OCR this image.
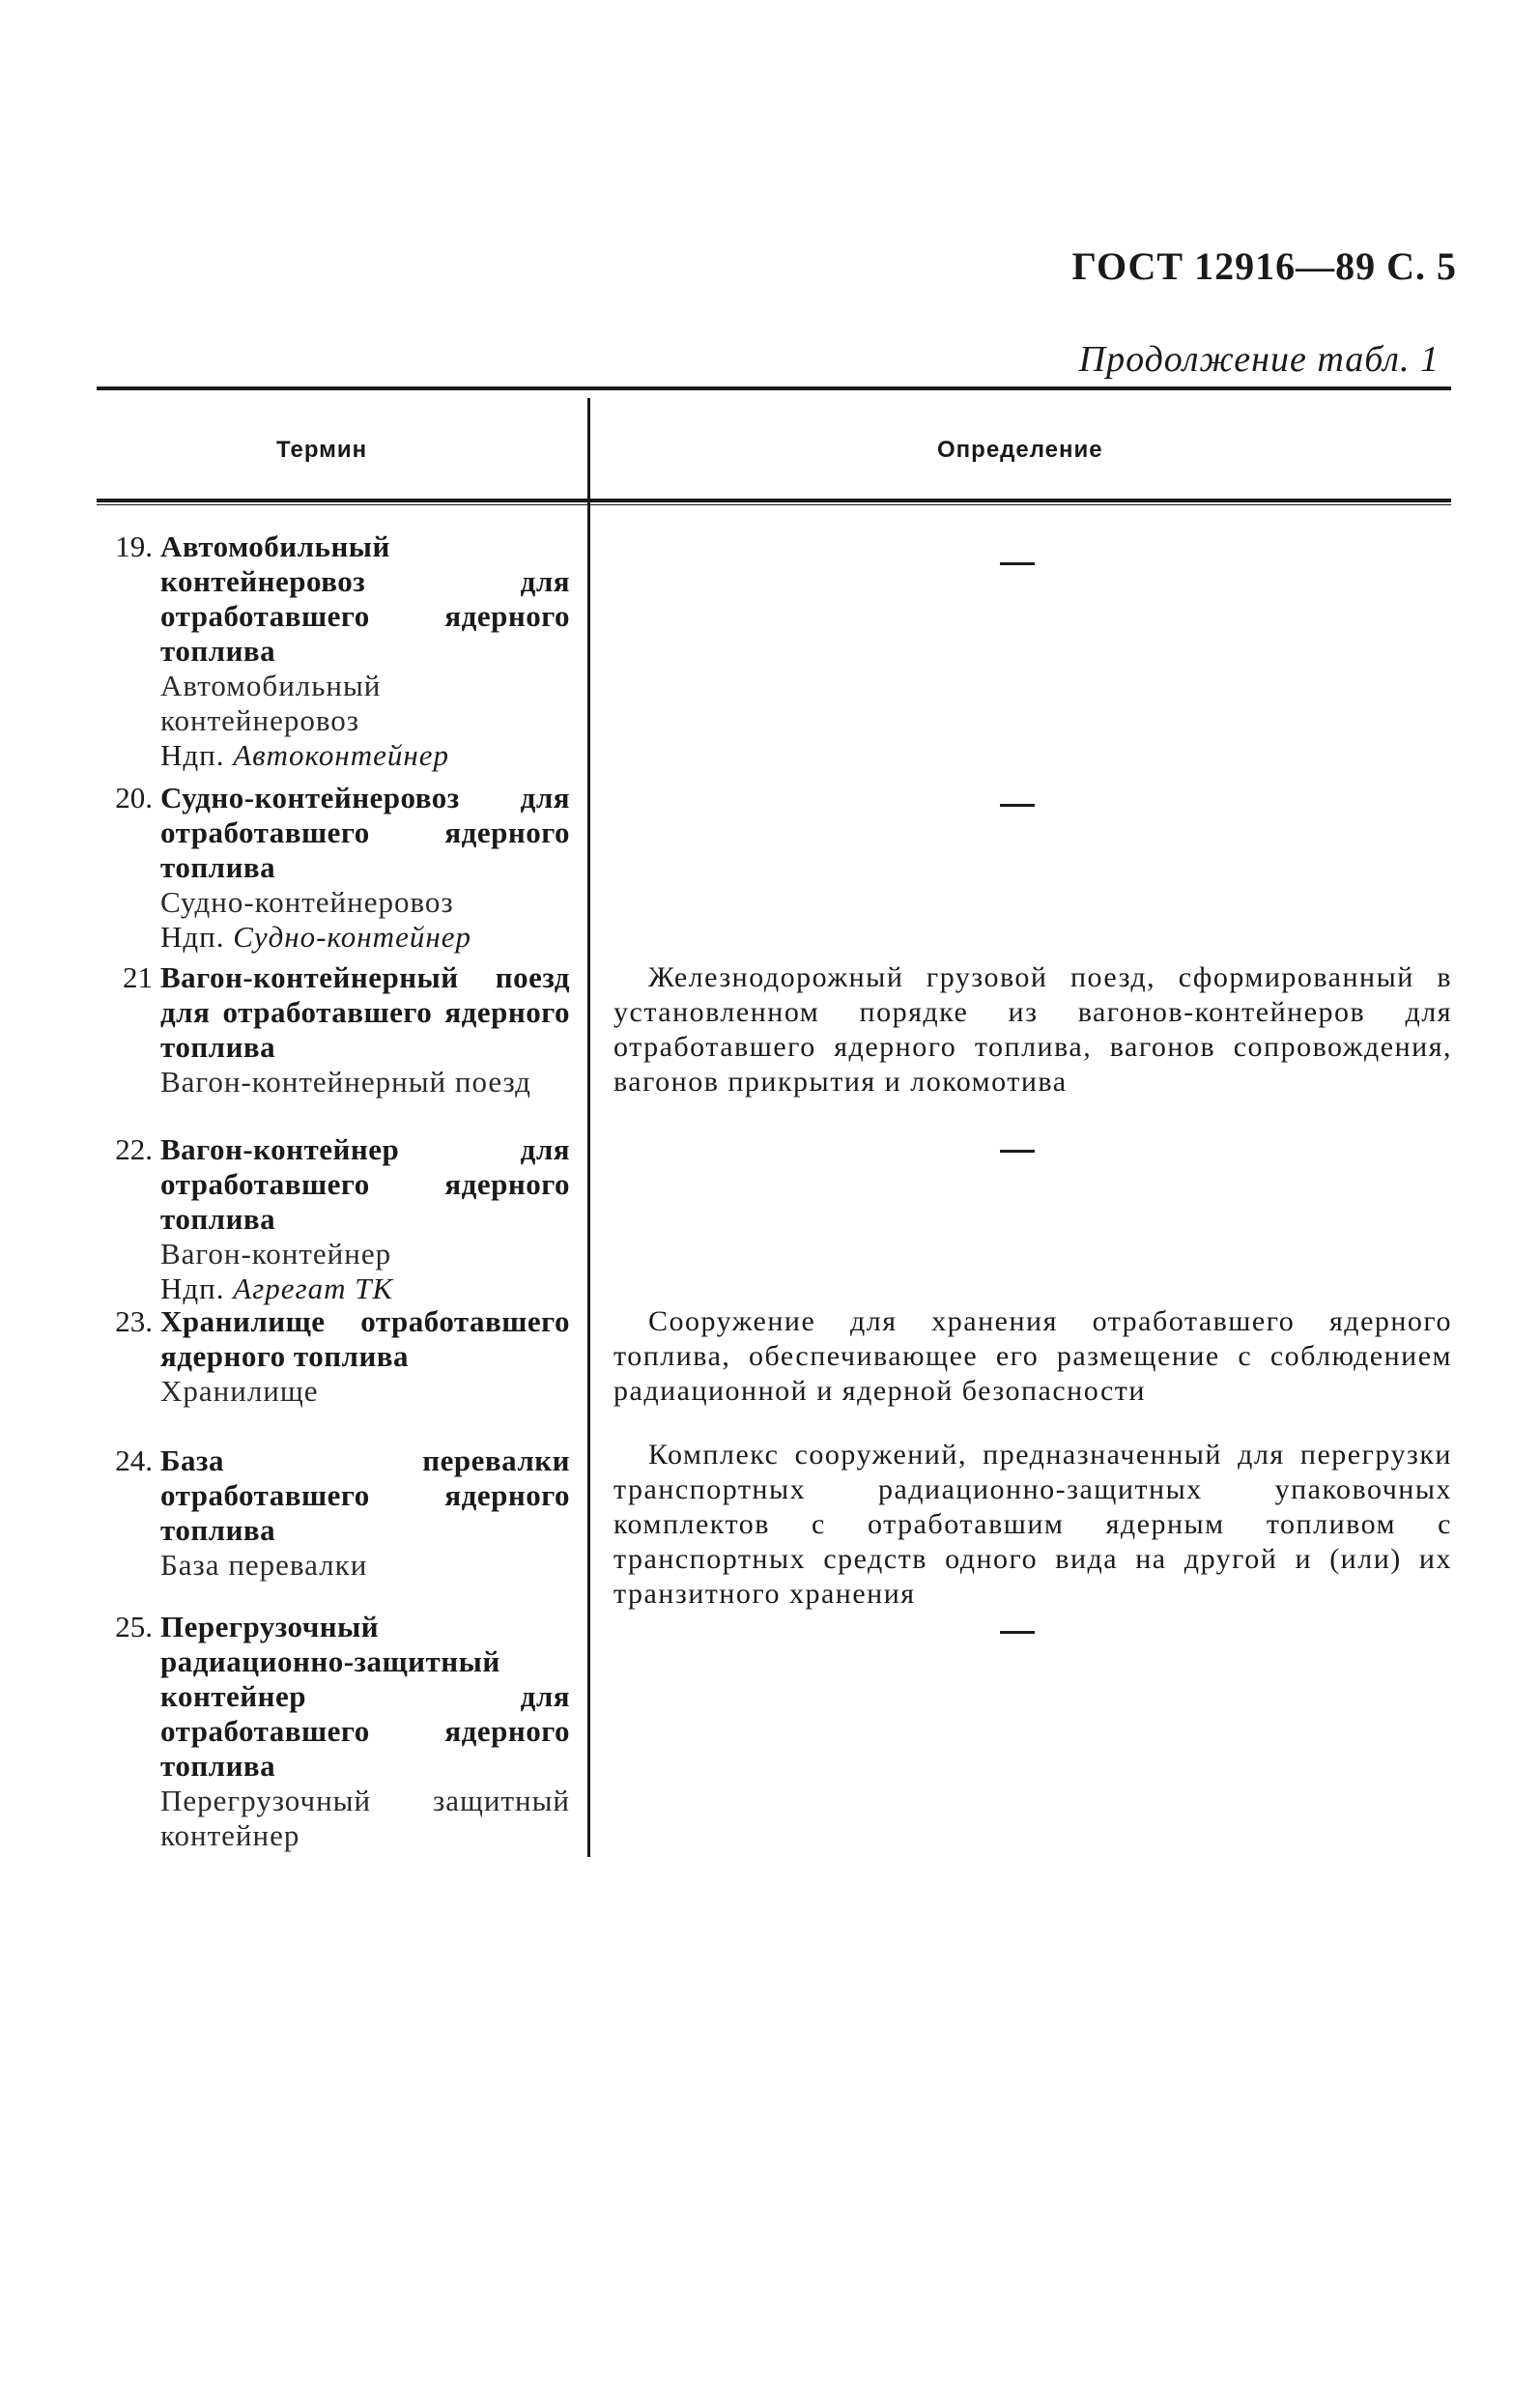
ГОСТ 12916—89 С. 5
Продолжение табл. 1
Термин	Определение
19. Автомобильный контейнеровоз для отработавшего ядерного топлива
Автомобильный контейнеровоз
Ндп. Автоконтейнер
20. Судно-контейнеровоз для отработавшего ядерного топлива
Судно-контейнеровоз
Ндп. Судно-контейнер
21 Вагон-контейнерный поезд для отработавшего ядерного топлива
Вагон-контейнерный поезд
Железнодорожный грузовой поезд, сформированный в установленном порядке из вагонов-контейнеров для отработавшего ядерного топлива, вагонов сопровождения, вагонов прикрытия и локомотива
22. Вагон-контейнер для отработавшего ядерного топлива
Вагон-контейнер
Ндп. Агрегат ТК
23. Хранилище отработавшего ядерного топлива
Хранилище
Сооружение для хранения отработавшего ядерного топлива, обеспечивающее его размещение с соблюдением радиационной и ядерной безопасности
24. База перевалки отработавшего ядерного топлива
База перевалки
Комплекс сооружений, предназначенный для перегрузки транспортных радиационно-защитных упаковочных комплектов с отработавшим ядерным топливом с транспортных средств одного вида на другой и (или) их транзитного хранения
25. Перегрузочный радиационно-защитный контейнер для отработавшего ядерного топлива
Перегрузочный защитный контейнер
